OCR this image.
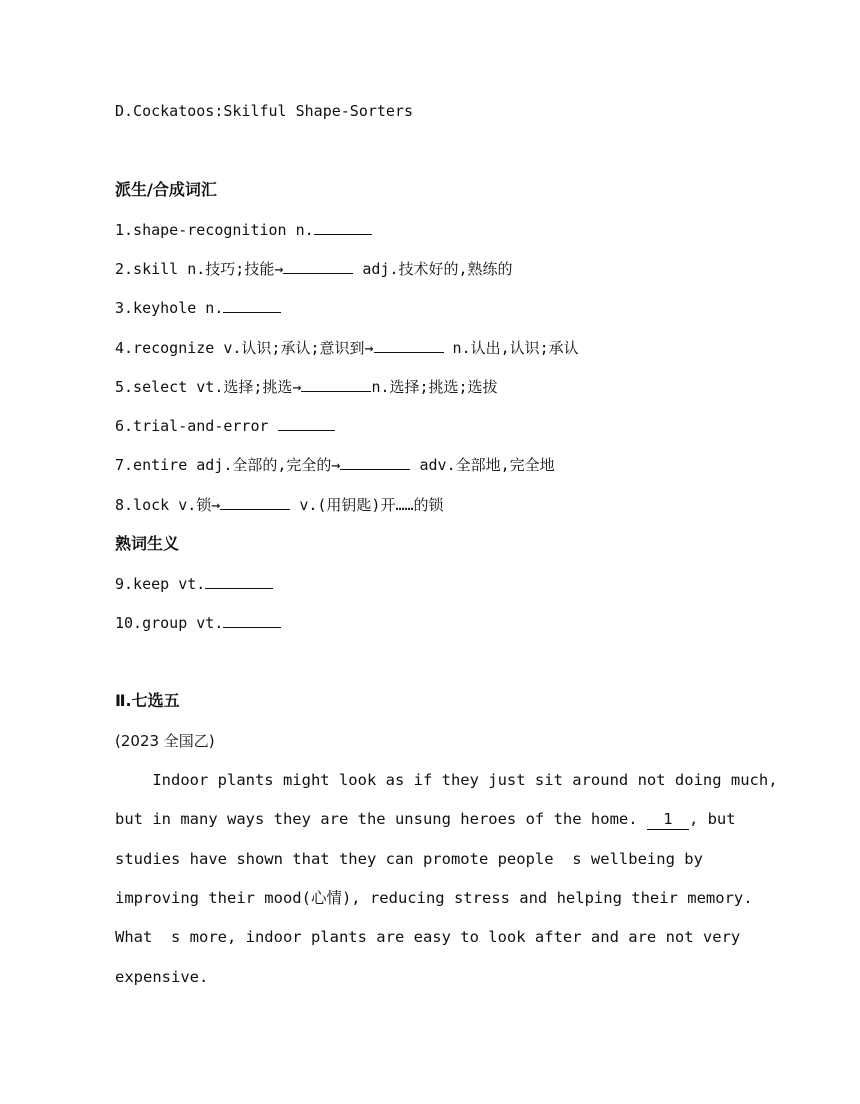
D.Cockatoos:Skilful Shape-Sorters
派生/合成词汇
1.shape-recognition n.
2.skill n.技巧;技能→	adj.技术好的,熟练的
3.keyhole n.
4.recognize v.认识;承认;意识到→	n.认出,认识;承认
5.select vt.选择;挑选→	n.选择;挑选;选拔
6.trial-and-error
7.entire adj.全部的,完全的→	adv.全部地,完全地
8.lock v.锁→	v.(用钥匙)开……的锁
熟词生义
9.keep vt.
10.group vt.
Ⅱ.七选五
(2023 全国乙)
Indoor plants might look as if they just sit around not doing much,
but in many ways they are the unsung heroes of the home. 1 , but
studies have shown that they can promote people  s wellbeing by
improving their mood(心情), reducing stress and helping their memory.
What  s more, indoor plants are easy to look after and are not very
expensive.
